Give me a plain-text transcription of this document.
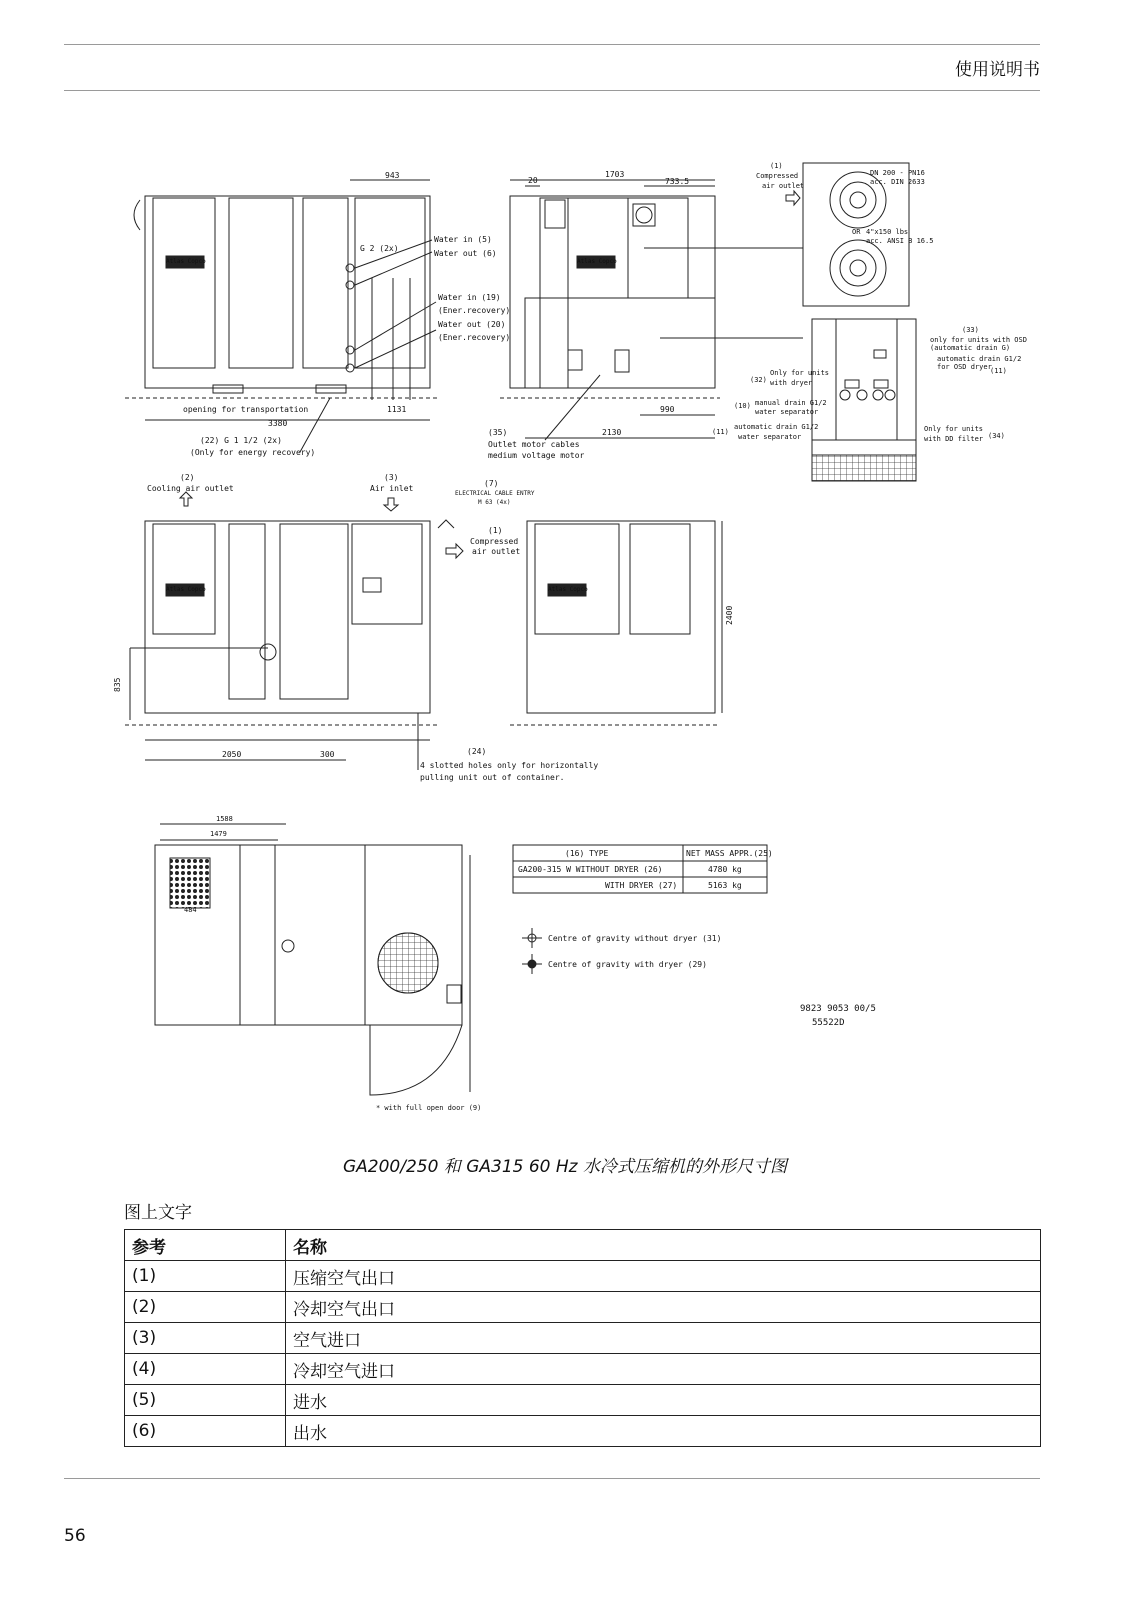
使用说明书
943
G 2 (2x)
Water in (5)
Water out (6)
Water in (19)
(Ener.recovery)
Water out (20)
(Ener.recovery)
opening for transportation
3380
1131
(22) G 1 1/2 (2x)
(Only for energy recovery)
Atlas Copco
1703
20	733.5
2130
990
(35)
Outlet motor cables
medium voltage motor
Atlas Copco
(1)
Compressed
air outlet
DN 200 - PN16
acc. DIN 2633
OR 4"x150 lbs
acc. ANSI B 16.5
(33)
only for units with OSD
(automatic drain G)
automatic drain G1/2
for OSD dryer
(11)
(32)
Only for units
with dryer
(10) manual drain G1/2
water separator
(11)
automatic drain G1/2
water separator
Only for units
with DD filter (34)
(2)
Cooling air outlet
(3)
Air inlet
(7)
ELECTRICAL CABLE ENTRY
M 63 (4x)
(1)
Compressed
air outlet
(24)
4 slotted holes only for horizontally
pulling unit out of container.
2050	300
835
Atlas Copco
2400
Atlas Copco
1588
1479
484
* with full open door (9)
(16) TYPE	NET MASS APPR.(25)
GA200-315 W WITHOUT DRYER (26)	4780 kg
WITH DRYER (27)	5163 kg
Centre of gravity without dryer (31)
Centre of gravity with dryer (29)
9823 9053 00/5
55522D
GA200/250 和 GA315 60 Hz 水冷式压缩机的外形尺寸图
图上文字
参考	名称
(1)	压缩空气出口
(2)	冷却空气出口
(3)	空气进口
(4)	冷却空气进口
(5)	进水
(6)	出水
56
